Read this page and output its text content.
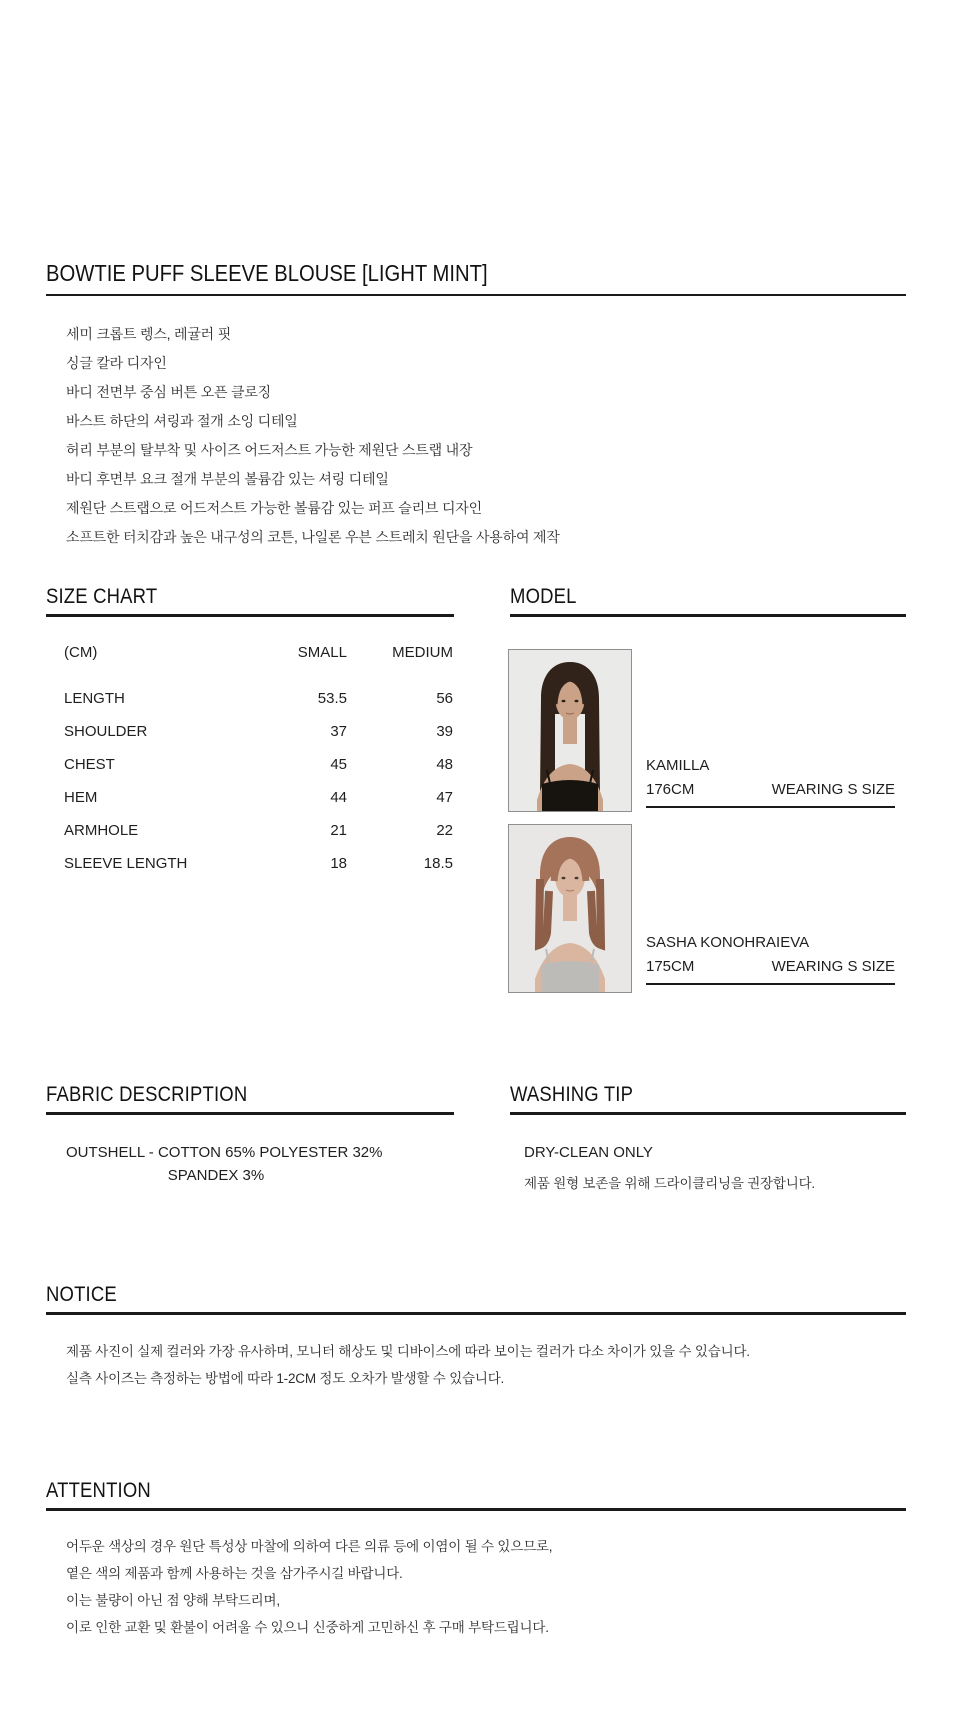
BOWTIE PUFF SLEEVE BLOUSE [LIGHT MINT]
세미 크롭트 렝스, 레귤러 핏
싱글 칼라 디자인
바디 전면부 중심 버튼 오픈 클로징
바스트 하단의 셔링과 절개 소잉 디테일
허리 부분의 탈부착 및 사이즈 어드저스트 가능한 제원단 스트랩 내장
바디 후면부 요크 절개 부분의 볼륨감 있는 셔링 디테일
제원단 스트랩으로 어드저스트 가능한 볼륨감 있는 퍼프 슬리브 디자인
소프트한 터치감과 높은 내구성의 코튼, 나일론 우븐 스트레치 원단을 사용하여 제작
SIZE CHART	MODEL
(CM)	SMALL	MEDIUM
LENGTH	53.5	56
SHOULDER	37	39
CHEST	45	48
HEM	44	47
ARMHOLE	21	22
SLEEVE LENGTH	18	18.5
KAMILLA
176CM	WEARING S SIZE
SASHA KONOHRAIEVA
175CM	WEARING S SIZE
FABRIC DESCRIPTION
OUTSHELL - COTTON 65% POLYESTER 32%
SPANDEX 3%
WASHING TIP
DRY-CLEAN ONLY
제품 원형 보존을 위해 드라이클리닝을 권장합니다.
NOTICE
제품 사진이 실제 컬러와 가장 유사하며, 모니터 해상도 및 디바이스에 따라 보이는 컬러가 다소 차이가 있을 수 있습니다.
실측 사이즈는 측정하는 방법에 따라 1-2CM 정도 오차가 발생할 수 있습니다.
ATTENTION
어두운 색상의 경우 원단 특성상 마찰에 의하여 다른 의류 등에 이염이 될 수 있으므로,
옅은 색의 제품과 함께 사용하는 것을 삼가주시길 바랍니다.
이는 불량이 아닌 점 양해 부탁드리며,
이로 인한 교환 및 환불이 어려울 수 있으니 신중하게 고민하신 후 구매 부탁드립니다.
